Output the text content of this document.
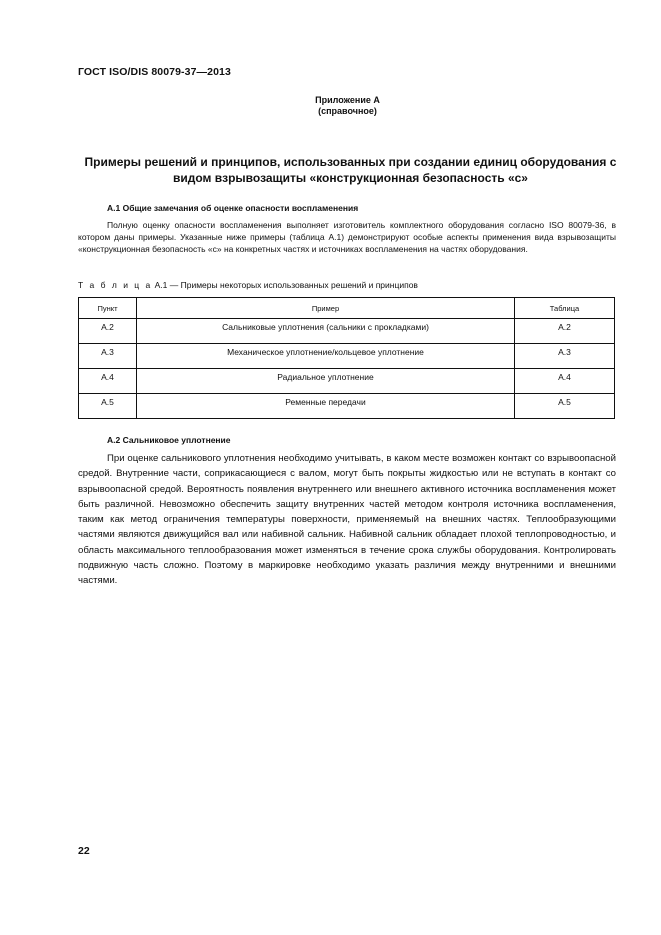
ГОСТ ISO/DIS 80079-37—2013
Приложение А
(справочное)
Примеры решений и принципов, использованных при создании единиц оборудования с видом взрывозащиты «конструкционная безопасность «с»
А.1 Общие замечания об оценке опасности воспламенения

Полную оценку опасности воспламенения выполняет изготовитель комплектного оборудования согласно ISO 80079-36, в котором даны примеры. Указанные ниже примеры (таблица А.1) демонстрируют особые аспекты применения вида взрывозащиты «конструкционная безопасность «с» на конкретных частях и источниках воспламенения на частях оборудования.

Т а б л и ц а А.1 — Примеры некоторых использованных решений и принципов
Пункт	Пример	Таблица
А.2	Сальниковые уплотнения (сальники с прокладками)	А.2
А.3	Механическое уплотнение/кольцевое уплотнение	А.3
А.4	Радиальное уплотнение	А.4
А.5	Ременные передачи	А.5
А.2 Сальниковое уплотнение

При оценке сальникового уплотнения необходимо учитывать, в каком месте возможен контакт со взрывоопасной средой. Внутренние части, соприкасающиеся с валом, могут быть покрыты жидкостью или не вступать в контакт со взрывоопасной средой. Вероятность появления внутреннего или внешнего активного источника воспламенения может быть различной. Невозможно обеспечить защиту внутренних частей методом контроля источника воспламенения, таким как метод ограничения температуры поверхности, применяемый на внешних частях. Теплообразующими частями являются движущийся вал или набивной сальник. Набивной сальник обладает плохой теплопроводностью, и область максимального теплообразования может изменяться в течение срока службы оборудования. Контролировать подвижную часть сложно. Поэтому в маркировке необходимо указать различия между внутренними и внешними частями.

22
